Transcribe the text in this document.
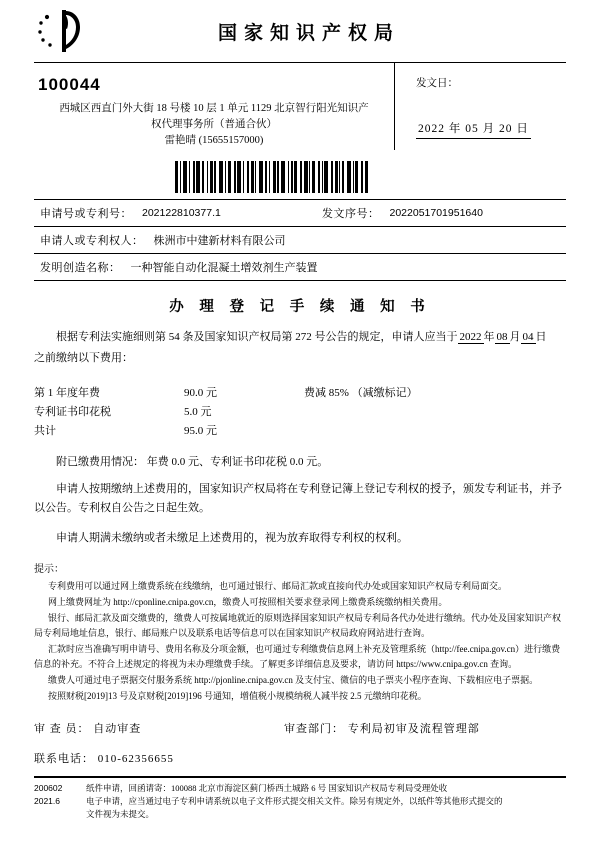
国家知识产权局
100044
西城区西直门外大街 18 号楼 10 层 1 单元 1129 北京智行阳光知识产
权代理事务所（普通合伙）
雷艳晴 (15655157000)
发文日：
2022 年 05 月 20 日
申请号或专利号： 202122810377.1	发文序号： 2022051701951640
申请人或专利权人： 株洲市中建新材料有限公司
发明创造名称： 一种智能自动化混凝土增效剂生产装置
办 理 登 记 手 续 通 知 书

根据专利法实施细则第 54 条及国家知识产权局第 272 号公告的规定，申请人应当于 2022 年 08 月 04 日

之前缴纳以下费用：

第 1 年度年费	90.0 元	费减 85% （减缴标记）
专利证书印花税	5.0 元
共计	95.0 元
附已缴费用情况： 年费 0.0 元、专利证书印花税 0.0 元。

申请人按期缴纳上述费用的，国家知识产权局将在专利登记簿上登记专利权的授予，颁发专利证书，并予以公告。专利权自公告之日起生效。

申请人期满未缴纳或者未缴足上述费用的，视为放弃取得专利权的权利。

提示：

专利费用可以通过网上缴费系统在线缴纳，也可通过银行、邮局汇款或直接向代办处或国家知识产权局专利局面交。

网上缴费网址为 http://cponline.cnipa.gov.cn，缴费人可按照相关要求登录网上缴费系统缴纳相关费用。

银行、邮局汇款及面交缴费的，缴费人可按属地就近的原则选择国家知识产权局专利局各代办处进行缴纳。代办处及国家知识产权局专利局地址信息，银行、邮局账户以及联系电话等信息可以在国家知识产权局政府网站进行查询。

汇款时应当准确写明申请号、费用名称及分项金额，也可通过专利缴费信息网上补充及管理系统（http://fee.cnipa.gov.cn）进行缴费信息的补充。不符合上述规定的将视为未办理缴费手续。了解更多详细信息及要求，请访问 https://www.cnipa.gov.cn 查询。

缴费人可通过电子票据交付服务系统 http://pjonline.cnipa.gov.cn 及支付宝、微信的电子票夹小程序查询、下载相应电子票据。

按照财税[2019]13 号及京财税[2019]196 号通知，增值税小规模纳税人减半按 2.5 元缴纳印花税。

审 查 员： 自动审查	审查部门： 专利局初审及流程管理部
联系电话： 010-62356655
200602
2021.6
纸件申请，回函请寄：100088 北京市海淀区蓟门桥西土城路 6 号 国家知识产权局专利局受理处收
电子申请，应当通过电子专利申请系统以电子文件形式提交相关文件。除另有规定外，以纸件等其他形式提交的
文件视为未提交。
